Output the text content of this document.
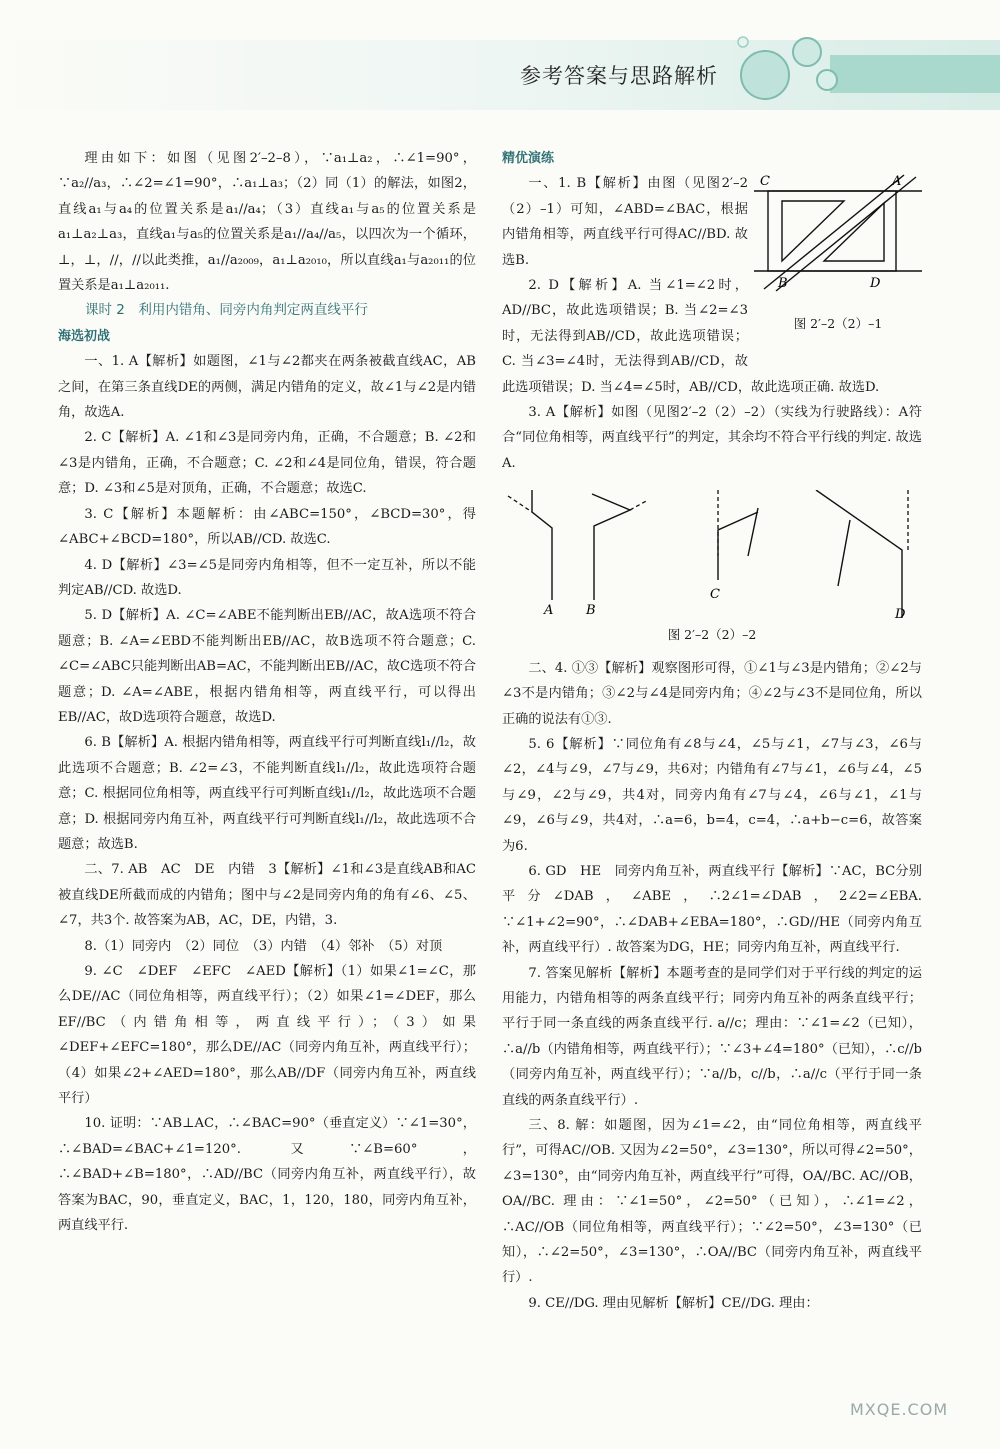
参考答案与思路解析

理由如下：如图（见图2′–2–8），∵a₁⊥a₂，∴∠1=90°，∵a₂//a₃，∴∠2=∠1=90°，∴a₁⊥a₃；（2）同（1）的解法，如图2，直线a₁与a₄的位置关系是a₁//a₄；（3）直线a₁与a₅的位置关系是a₁⊥a₂⊥a₃，直线a₁与a₅的位置关系是a₁//a₄//a₅，以四次为一个循环，⊥，⊥，//，//以此类推，a₁//a₂₀₀₉，a₁⊥a₂₀₁₀，所以直线a₁与a₂₀₁₁的位置关系是a₁⊥a₂₀₁₁.

课时 2　利用内错角、同旁内角判定两直线平行

海选初战

一、1. A【解析】如题图，∠1与∠2都夹在两条被截直线AC，AB之间，在第三条直线DE的两侧，满足内错角的定义，故∠1与∠2是内错角，故选A.

2. C【解析】A. ∠1和∠3是同旁内角，正确，不合题意；B. ∠2和∠3是内错角，正确，不合题意；C. ∠2和∠4是同位角，错误，符合题意；D. ∠3和∠5是对顶角，正确，不合题意；故选C.

3. C【解析】本题解析：由∠ABC=150°，∠BCD=30°，得∠ABC+∠BCD=180°，所以AB//CD. 故选C.

4. D【解析】∠3=∠5是同旁内角相等，但不一定互补，所以不能判定AB//CD. 故选D.

5. D【解析】A. ∠C=∠ABE不能判断出EB//AC，故A选项不符合题意；B. ∠A=∠EBD不能判断出EB//AC，故B选项不符合题意；C. ∠C=∠ABC只能判断出AB=AC，不能判断出EB//AC，故C选项不符合题意；D. ∠A=∠ABE，根据内错角相等，两直线平行，可以得出EB//AC，故D选项符合题意，故选D.

6. B【解析】A. 根据内错角相等，两直线平行可判断直线l₁//l₂，故此选项不合题意；B. ∠2=∠3，不能判断直线l₁//l₂，故此选项符合题意；C. 根据同位角相等，两直线平行可判断直线l₁//l₂，故此选项不合题意；D. 根据同旁内角互补，两直线平行可判断直线l₁//l₂，故此选项不合题意；故选B.

二、7. AB　AC　DE　内错　3【解析】∠1和∠3是直线AB和AC被直线DE所截而成的内错角；图中与∠2是同旁内角的角有∠6、∠5、∠7，共3个. 故答案为AB，AC，DE，内错，3.

8.（1）同旁内　（2）同位　（3）内错　（4）邻补　（5）对顶

9. ∠C　∠DEF　∠EFC　∠AED【解析】（1）如果∠1=∠C，那么DE//AC（同位角相等，两直线平行）；（2）如果∠1=∠DEF，那么EF//BC（内错角相等，两直线平行）；（3）如果∠DEF+∠EFC=180°，那么DE//AC（同旁内角互补，两直线平行）；（4）如果∠2+∠AED=180°，那么AB//DF（同旁内角互补，两直线平行）

10. 证明：∵AB⊥AC，∴∠BAC=90°（垂直定义）∵∠1=30°，∴∠BAD=∠BAC+∠1=120°. 又∵∠B=60°，∴∠BAD+∠B=180°，∴AD//BC（同旁内角互补，两直线平行），故答案为BAC，90，垂直定义，BAC，1，120，180，同旁内角互补，两直线平行.

精优演练

C	A
B	D
图 2′–2（2）–1

一、1. B【解析】由图（见图2′–2（2）–1）可知，∠ABD=∠BAC，根据内错角相等，两直线平行可得AC//BD. 故选B.

2. D【解析】A. 当∠1=∠2时，AD//BC，故此选项错误；B. 当∠2=∠3时，无法得到AB//CD，故此选项错误；C. 当∠3=∠4时，无法得到AB//CD，故此选项错误；D. 当∠4=∠5时，AB//CD，故此选项正确. 故选D.

3. A【解析】如图（见图2′–2（2）–2）（实线为行驶路线）：A符合“同位角相等，两直线平行”的判定，其余均不符合平行线的判定. 故选A.

A	B
C
D
图 2′–2（2）–2

二、4. ①③【解析】观察图形可得，①∠1与∠3是内错角；②∠2与∠3不是内错角；③∠2与∠4是同旁内角；④∠2与∠3不是同位角，所以正确的说法有①③.

5. 6【解析】∵同位角有∠8与∠4，∠5与∠1，∠7与∠3，∠6与∠2，∠4与∠9，∠7与∠9，共6对；内错角有∠7与∠1，∠6与∠4，∠5与∠9，∠2与∠9，共4对，同旁内角有∠7与∠4，∠6与∠1，∠1与∠9，∠6与∠9，共4对，∴a=6，b=4，c=4，∴a+b−c=6，故答案为6.

6. GD　HE　同旁内角互补，两直线平行【解析】∵AC，BC分别平分∠DAB，∠ABE，∴2∠1=∠DAB，2∠2=∠EBA. ∵∠1+∠2=90°，∴∠DAB+∠EBA=180°，∴GD//HE（同旁内角互补，两直线平行）. 故答案为DG，HE；同旁内角互补，两直线平行.

7. 答案见解析【解析】本题考查的是同学们对于平行线的判定的运用能力，内错角相等的两条直线平行；同旁内角互补的两条直线平行；平行于同一条直线的两条直线平行. a//c；理由：∵∠1=∠2（已知），∴a//b（内错角相等，两直线平行）；∵∠3+∠4=180°（已知），∴c//b（同旁内角互补，两直线平行）；∵a//b，c//b，∴a//c（平行于同一条直线的两条直线平行）.

三、8. 解：如题图，因为∠1=∠2，由“同位角相等，两直线平行”，可得AC//OB. 又因为∠2=50°，∠3=130°，所以可得∠2=50°，∠3=130°，由“同旁内角互补，两直线平行”可得，OA//BC. AC//OB，OA//BC. 理由：∵∠1=50°，∠2=50°（已知），∴∠1=∠2，∴AC//OB（同位角相等，两直线平行）；∵∠2=50°，∠3=130°（已知），∴∠2=50°，∠3=130°，∴OA//BC（同旁内角互补，两直线平行）.

9. CE//DG. 理由见解析【解析】CE//DG. 理由：

MXQE.COM
